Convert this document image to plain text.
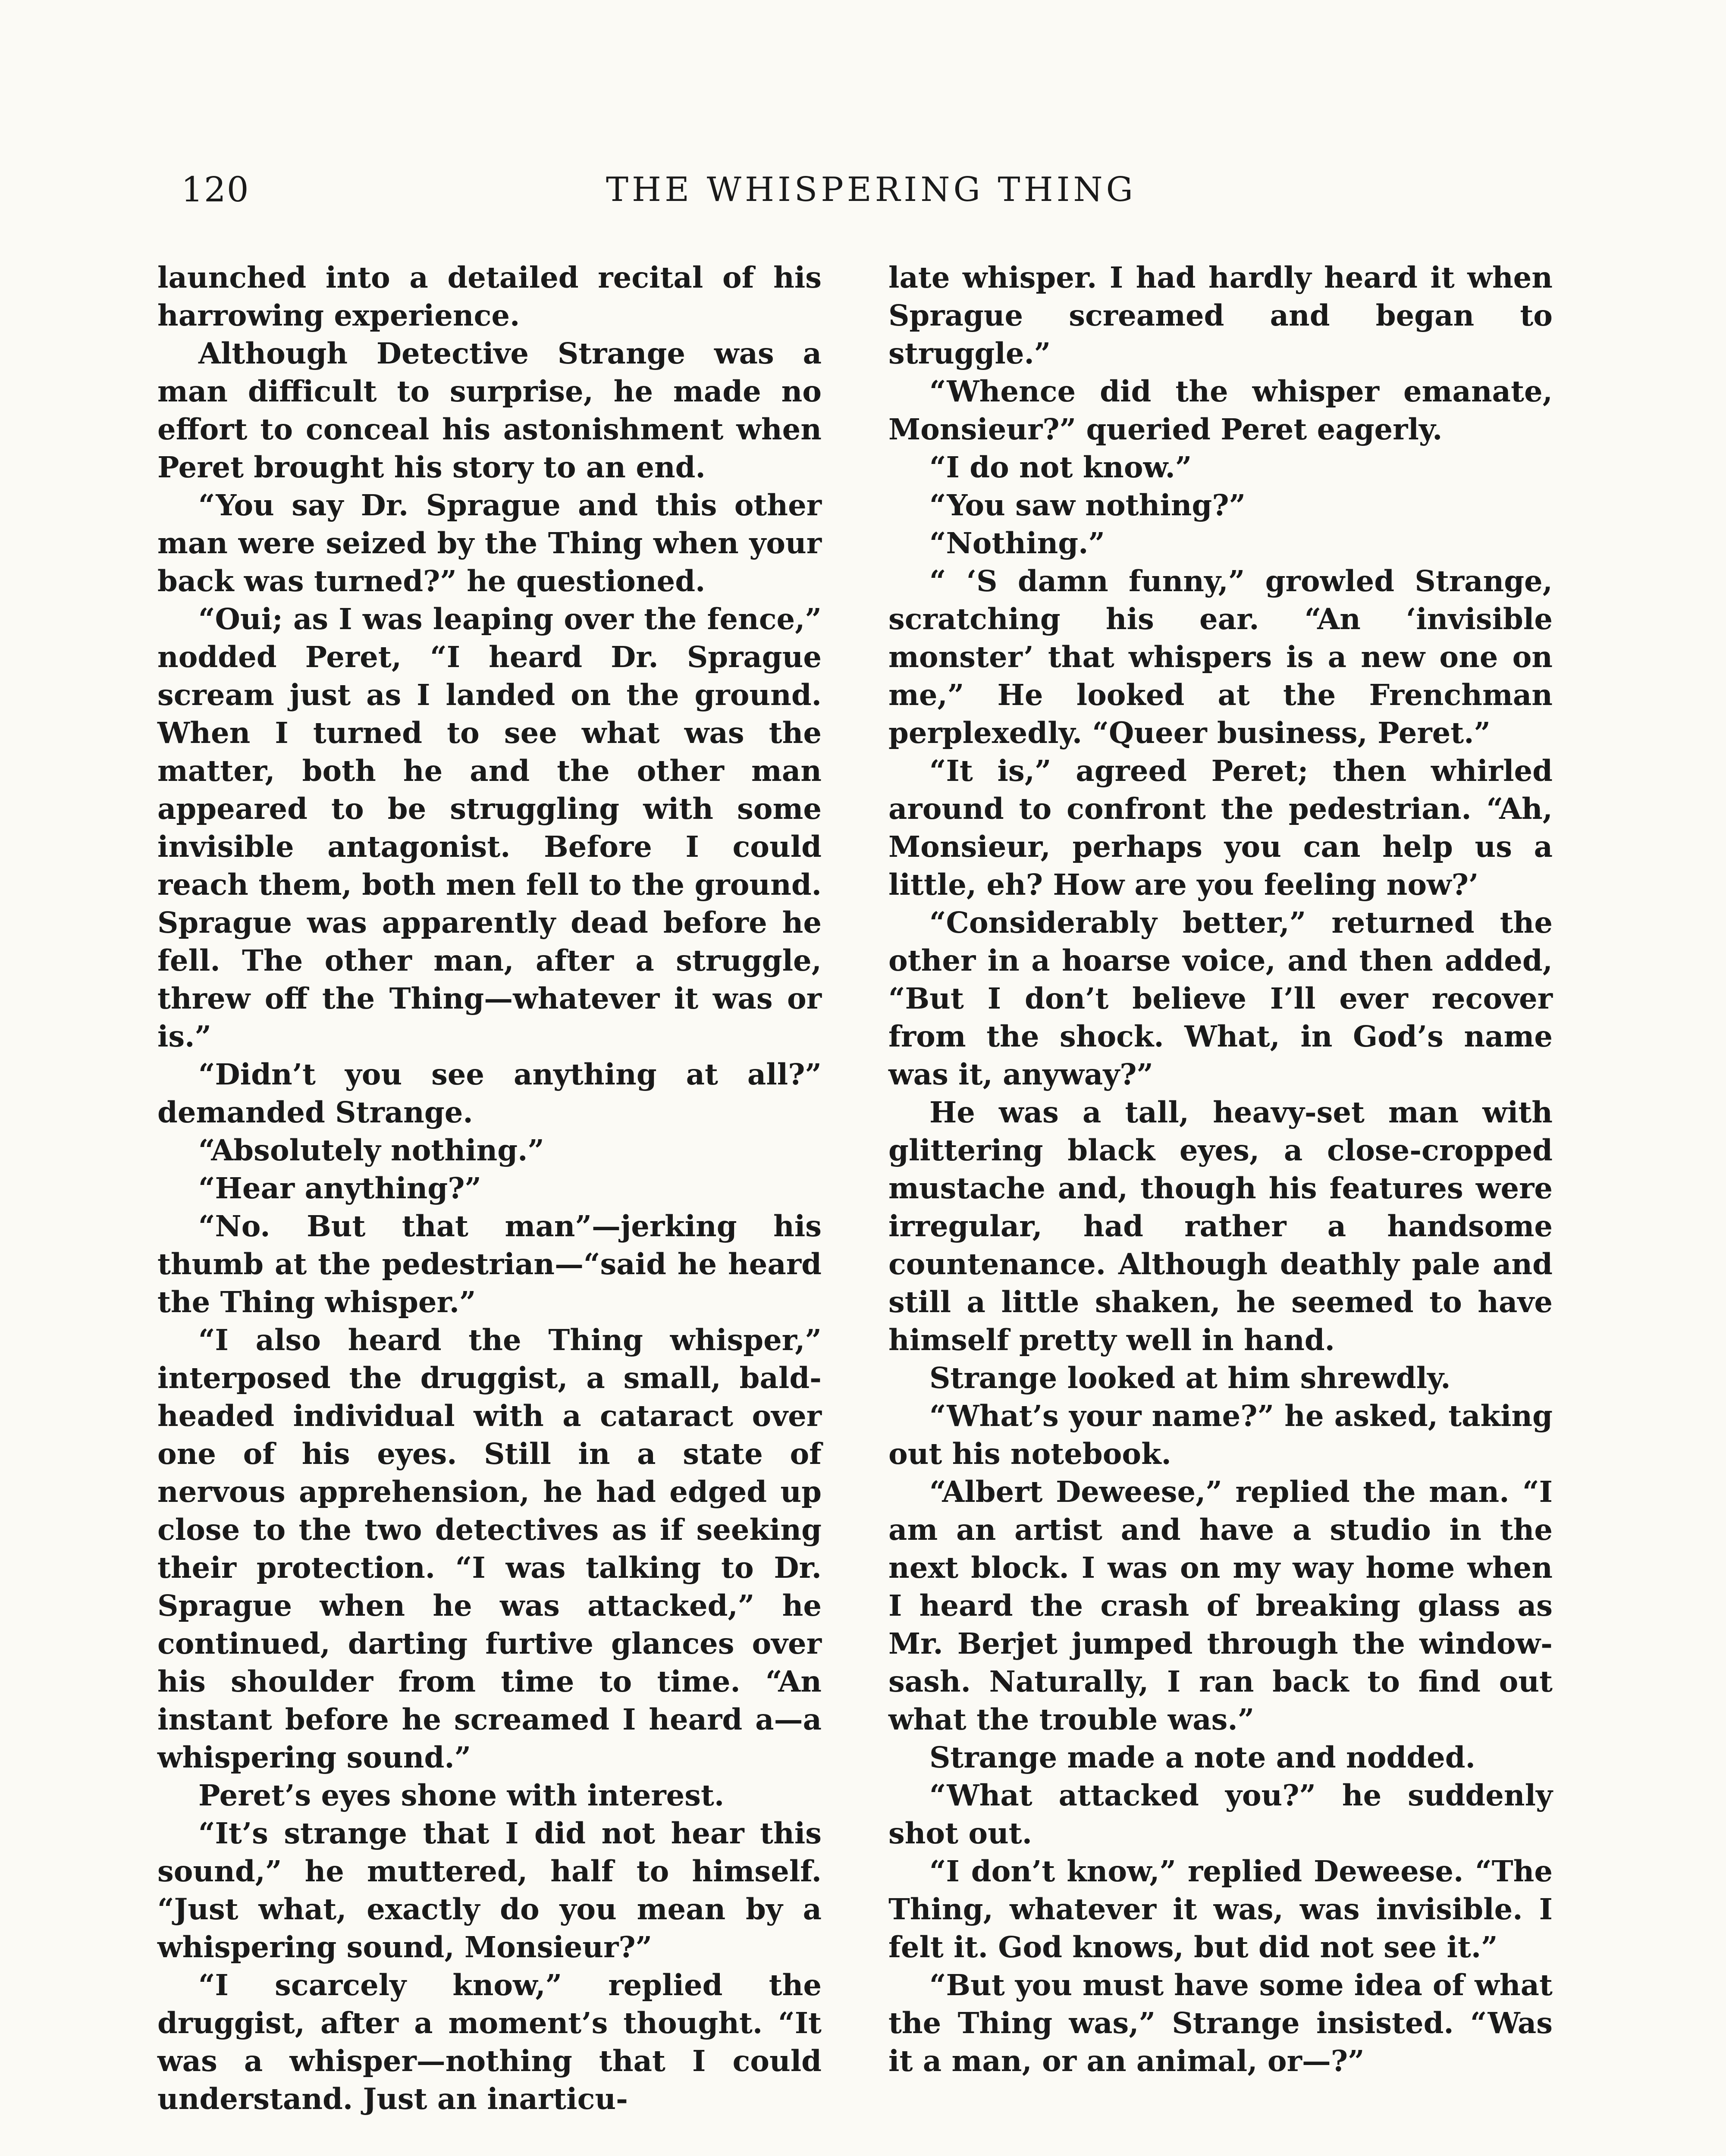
120	THE WHISPERING THING

launched into a detailed recital of his harrowing experience.

Although Detective Strange was a man difficult to surprise, he made no effort to conceal his astonishment when Peret brought his story to an end.

“You say Dr. Sprague and this other man were seized by the Thing when your back was turned?” he questioned.

“Oui; as I was leaping over the fence,” nodded Peret, “I heard Dr. Sprague scream just as I landed on the ground. When I turned to see what was the matter, both he and the other man appeared to be struggling with some invisible antagonist. Before I could reach them, both men fell to the ground. Sprague was apparently dead before he fell. The other man, after a struggle, threw off the Thing—whatever it was or is.”

“Didn’t you see anything at all?” demanded Strange.

“Absolutely nothing.”

“Hear anything?”

“No. But that man”—jerking his thumb at the pedestrian—“said he heard the Thing whisper.”

“I also heard the Thing whisper,” interposed the druggist, a small, bald-headed individual with a cataract over one of his eyes. Still in a state of nervous apprehension, he had edged up close to the two detectives as if seeking their protection. “I was talking to Dr. Sprague when he was attacked,” he continued, darting furtive glances over his shoulder from time to time. “An instant before he screamed I heard a—a whispering sound.”

Peret’s eyes shone with interest.

“It’s strange that I did not hear this sound,” he muttered, half to himself. “Just what, exactly do you mean by a whispering sound, Monsieur?”

“I scarcely know,” replied the druggist, after a moment’s thought. “It was a whisper—nothing that I could understand. Just an inarticu-

late whisper. I had hardly heard it when Sprague screamed and began to struggle.”

“Whence did the whisper emanate, Monsieur?” queried Peret eagerly.

“I do not know.”

“You saw nothing?”

“Nothing.”

“ ‘S damn funny,” growled Strange, scratching his ear. “An ‘invisible monster’ that whispers is a new one on me,” He looked at the Frenchman perplexedly. “Queer business, Peret.”

“It is,” agreed Peret; then whirled around to confront the pedestrian. “Ah, Monsieur, perhaps you can help us a little, eh? How are you feeling now?’

“Considerably better,” returned the other in a hoarse voice, and then added, “But I don’t believe I’ll ever recover from the shock. What, in God’s name was it, anyway?”

He was a tall, heavy-set man with glittering black eyes, a close-cropped mustache and, though his features were irregular, had rather a handsome countenance. Although deathly pale and still a little shaken, he seemed to have himself pretty well in hand.

Strange looked at him shrewdly.

“What’s your name?” he asked, taking out his notebook.

“Albert Deweese,” replied the man. “I am an artist and have a studio in the next block. I was on my way home when I heard the crash of breaking glass as Mr. Berjet jumped through the window-sash. Naturally, I ran back to find out what the trouble was.”

Strange made a note and nodded.

“What attacked you?” he suddenly shot out.

“I don’t know,” replied Deweese. “The Thing, whatever it was, was invisible. I felt it. God knows, but did not see it.”

“But you must have some idea of what the Thing was,” Strange insisted. “Was it a man, or an animal, or—?”
